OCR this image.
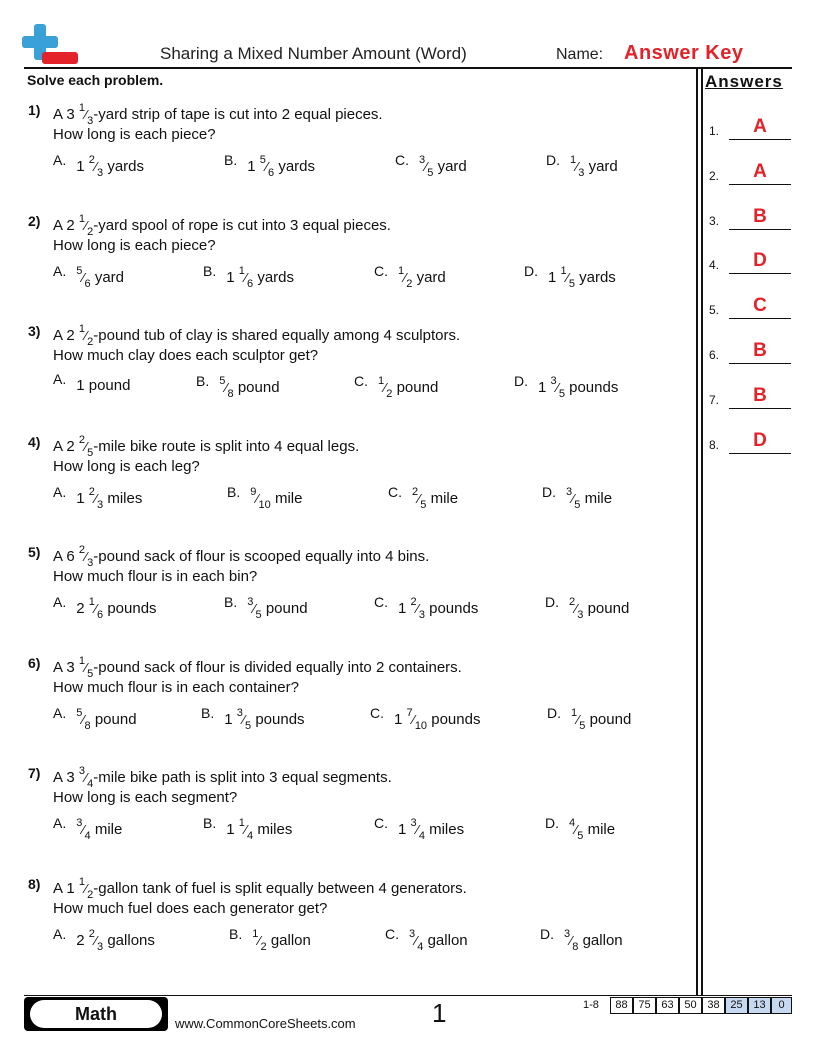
Sharing a Mixed Number Amount (Word)	Name: Answer Key
Solve each problem.	Answers
1.	A
2.	A
3.	B
4.	D
5.	C
6.	B
7.	B
8.	D
1) A 3 $^1⁄_3$-yard strip of tape is cut into 2 equal pieces.
How long is each piece?
A. 1 $^2⁄_3$ yards	B. 1 $^5⁄_6$ yards	C. $^3⁄_5$ yard	D. $^1⁄_3$ yard
2) A 2 $^1⁄_2$-yard spool of rope is cut into 3 equal pieces.
How long is each piece?
A. $^5⁄_6$ yard	B. 1 $^1⁄_6$ yards	C. $^1⁄_2$ yard	D. 1 $^1⁄_5$ yards
3) A 2 $^1⁄_2$-pound tub of clay is shared equally among 4 sculptors.
How much clay does each sculptor get?
A. 1 pound	B. $^5⁄_8$ pound	C. $^1⁄_2$ pound	D. 1 $^3⁄_5$ pounds
4) A 2 $^2⁄_5$-mile bike route is split into 4 equal legs.
How long is each leg?
A. 1 $^2⁄_3$ miles	B. $^9⁄_{10}$ mile	C. $^2⁄_5$ mile	D. $^3⁄_5$ mile
5) A 6 $^2⁄_3$-pound sack of flour is scooped equally into 4 bins.
How much flour is in each bin?
A. 2 $^1⁄_6$ pounds	B. $^3⁄_5$ pound	C. 1 $^2⁄_3$ pounds	D. $^2⁄_3$ pound
6) A 3 $^1⁄_5$-pound sack of flour is divided equally into 2 containers.
How much flour is in each container?
A. $^5⁄_8$ pound	B. 1 $^3⁄_5$ pounds	C. 1 $^7⁄_{10}$ pounds	D. $^1⁄_5$ pound
7) A 3 $^3⁄_4$-mile bike path is split into 3 equal segments.
How long is each segment?
A. $^3⁄_4$ mile	B. 1 $^1⁄_4$ miles	C. 1 $^3⁄_4$ miles	D. $^4⁄_5$ mile
8) A 1 $^1⁄_2$-gallon tank of fuel is split equally between 4 generators.
How much fuel does each generator get?
A. 2 $^2⁄_3$ gallons	B. $^1⁄_2$ gallon	C. $^3⁄_4$ gallon	D. $^3⁄_8$ gallon
Math	www.CommonCoreSheets.com	1	1-8	88 75 63 50 38 25 13	0
